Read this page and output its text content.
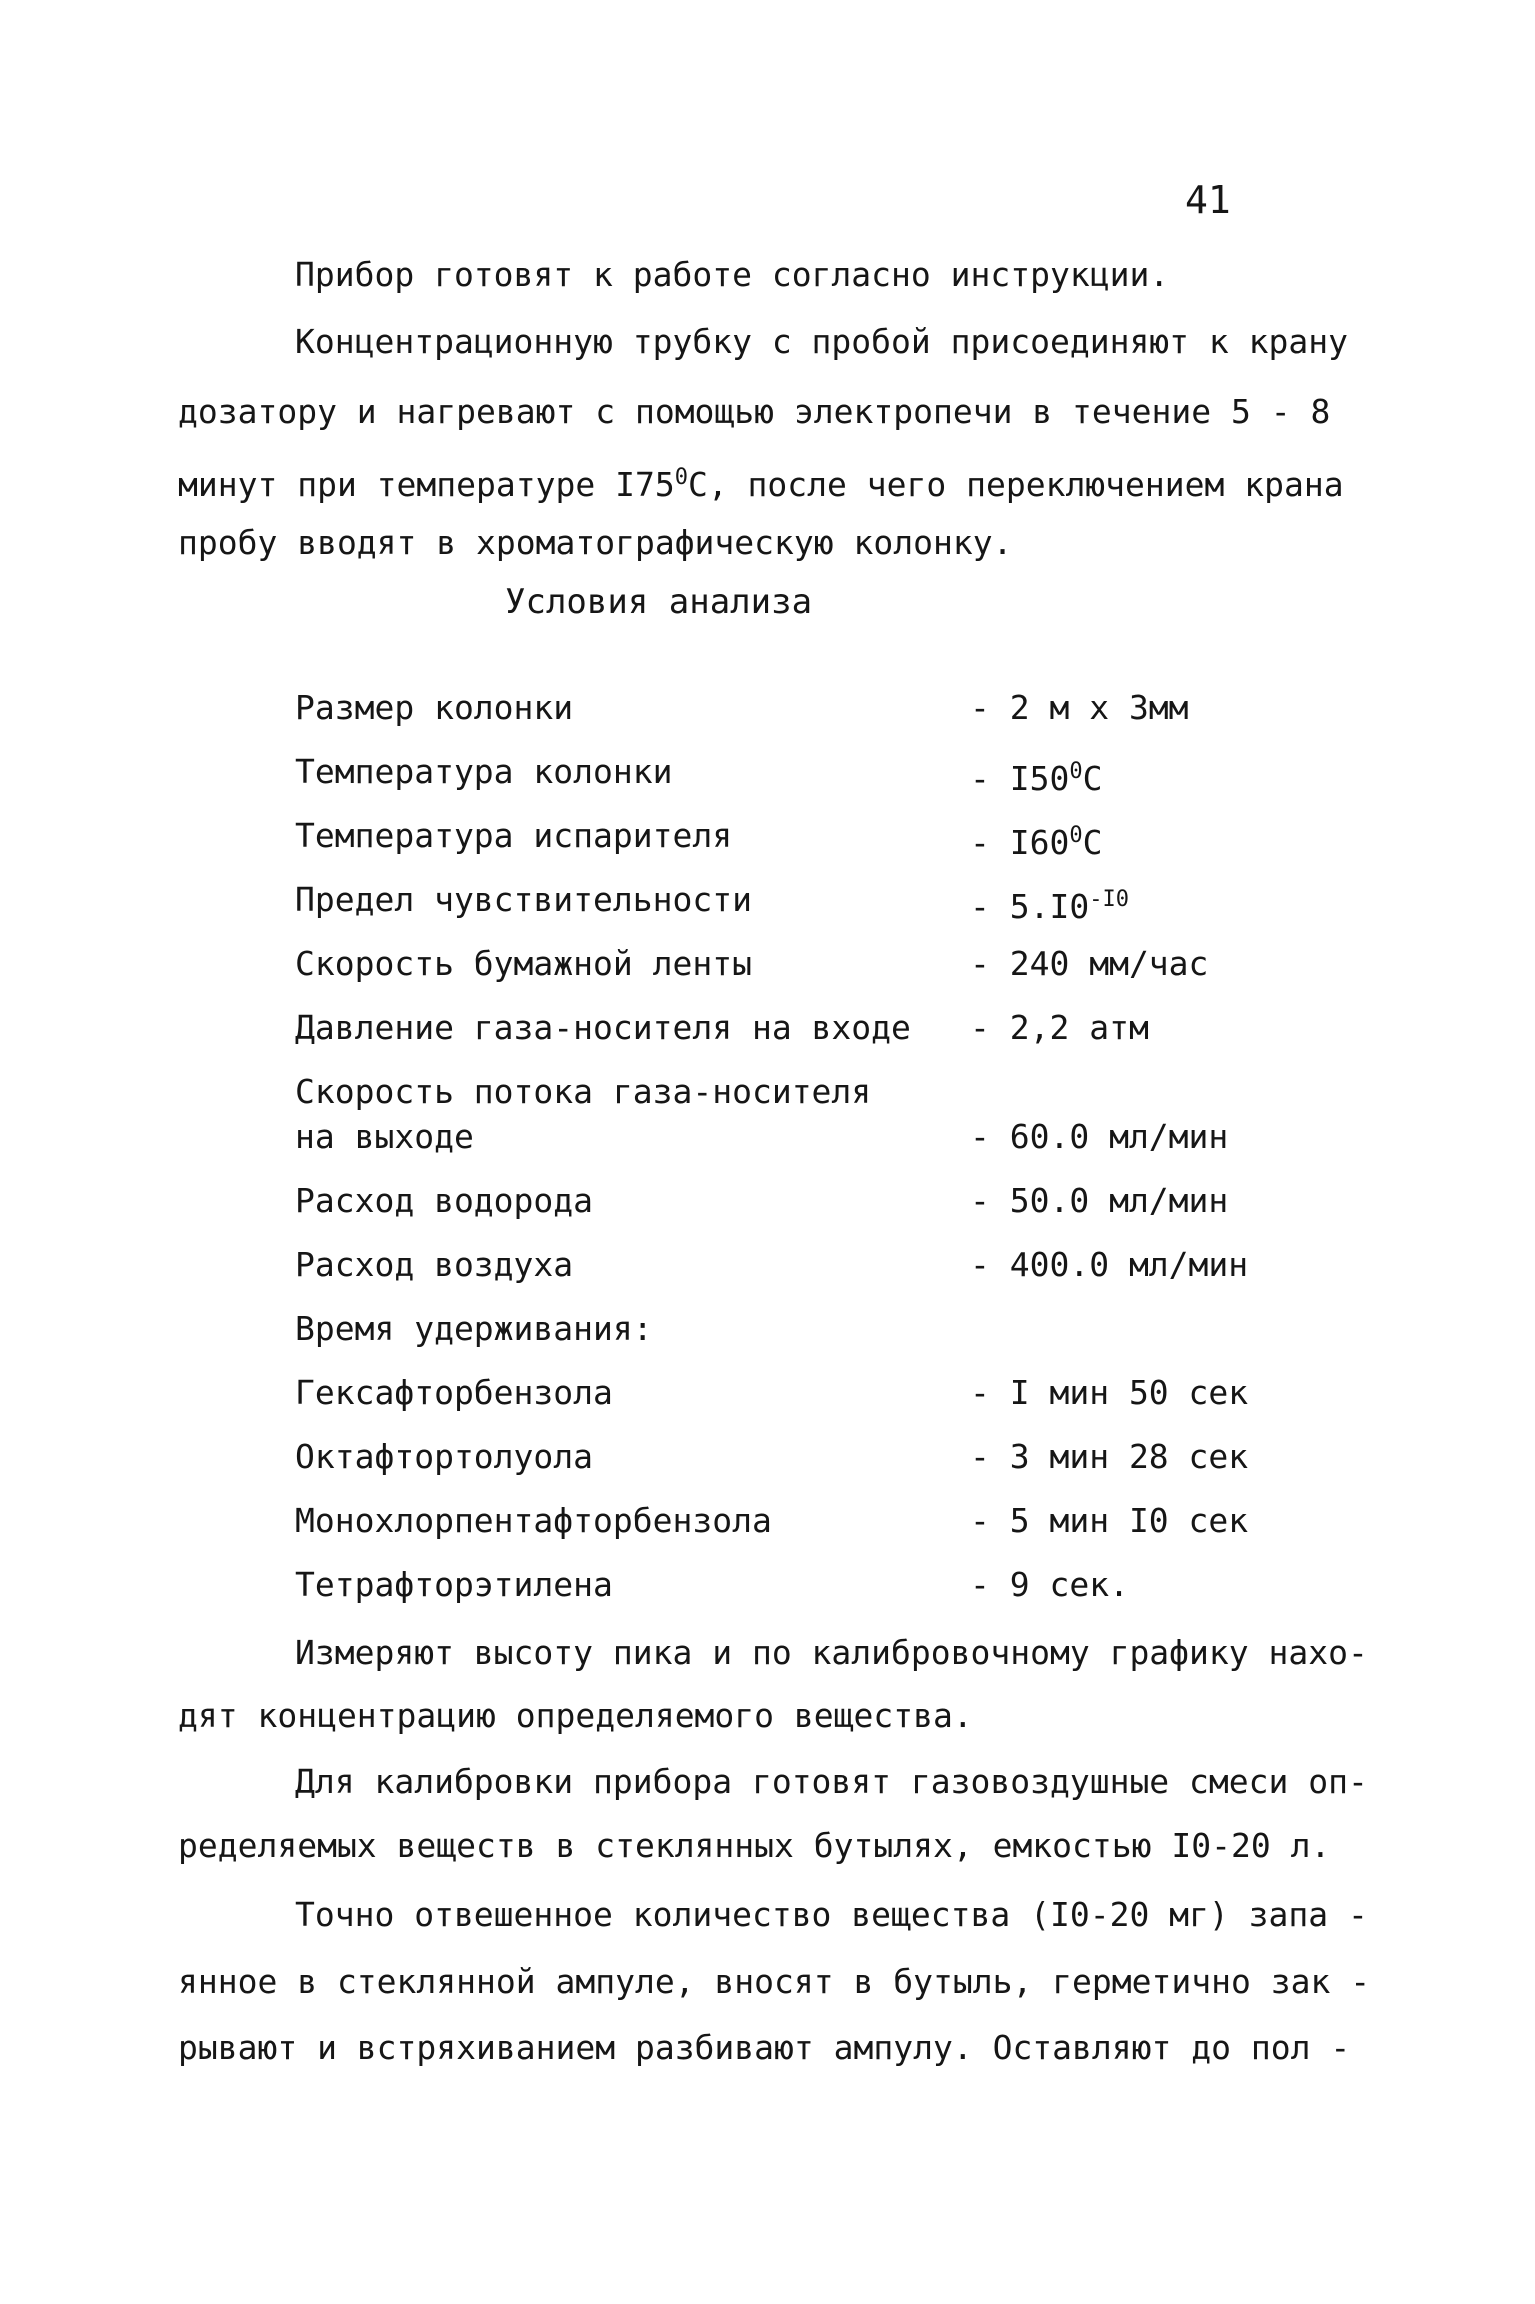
41
Прибор готовят к работе согласно инструкции.
Концентрационную трубку с пробой присоединяют к крану
дозатору и нагревают с помощью электропечи в течение 5 - 8
минут при температуре $I75^0С$, после чего переключением крана
пробу вводят в хроматографическую колонку.
Условия анализа
Размер колонки	- 2 м х 3мм
Температура колонки	- $I50^0С$
Температура испарителя	- $I60^0С$
Предел чувствительности	- $5.I0^{-I0}$
Скорость бумажной ленты	- 240 мм/час
Давление газа-носителя на входе - 2,2 атм
Скорость потока газа-носителя
на выходе	- 60.0 мл/мин
Расход водорода	- 50.0 мл/мин
Расход воздуха	- 400.0 мл/мин
Время удерживания:
Гексафторбензола	- I мин 50 сек
Октафтортолуола	- 3 мин 28 сек
Монохлорпентафторбензола	- 5 мин I0 сек
Тетрафторэтилена	- 9 сек.
Измеряют высоту пика и по калибровочному графику нахо-
дят концентрацию определяемого вещества.
Для калибровки прибора готовят газовоздушные смеси оп-
ределяемых веществ в стеклянных бутылях, емкостью I0-20 л.
Точно отвешенное количество вещества (I0-20 мг) запа -
янное в стеклянной ампуле, вносят в бутыль, герметично зак -
рывают и встряхиванием разбивают ампулу. Оставляют до пол -
